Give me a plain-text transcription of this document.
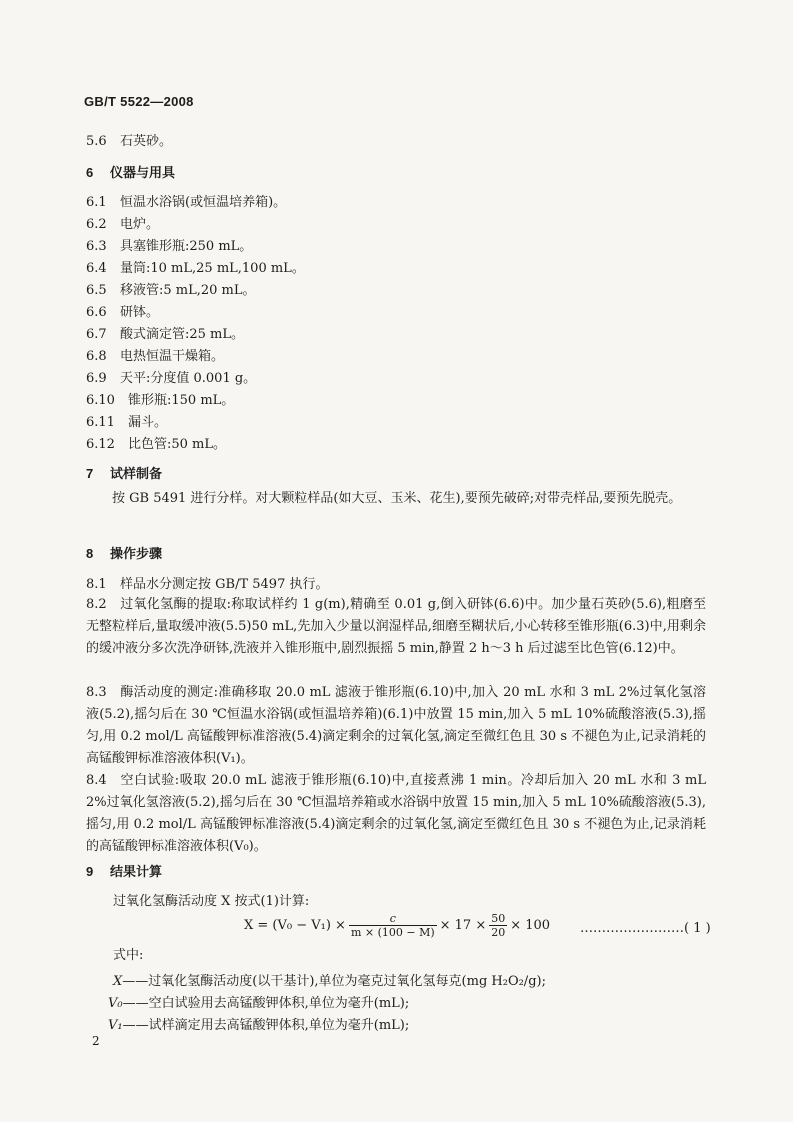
GB/T 5522—2008
5.6 石英砂。
6 仪器与用具
6.1 恒温水浴锅(或恒温培养箱)。
6.2 电炉。
6.3 具塞锥形瓶:250 mL。
6.4 量筒:10 mL,25 mL,100 mL。
6.5 移液管:5 mL,20 mL。
6.6 研钵。
6.7 酸式滴定管:25 mL。
6.8 电热恒温干燥箱。
6.9 天平:分度值 0.001 g。
6.10 锥形瓶:150 mL。
6.11 漏斗。
6.12 比色管:50 mL。
7 试样制备
按 GB 5491 进行分样。对大颗粒样品(如大豆、玉米、花生),要预先破碎;对带壳样品,要预先脱壳。
8 操作步骤
8.1 样品水分测定按 GB/T 5497 执行。
8.2 过氧化氢酶的提取:称取试样约 1 g(m),精确至 0.01 g,倒入研钵(6.6)中。加少量石英砂(5.6),粗磨至无整粒样后,量取缓冲液(5.5)50 mL,先加入少量以润湿样品,细磨至糊状后,小心转移至锥形瓶(6.3)中,用剩余的缓冲液分多次洗净研钵,洗液并入锥形瓶中,剧烈振摇 5 min,静置 2 h～3 h 后过滤至比色管(6.12)中。
8.3 酶活动度的测定:准确移取 20.0 mL 滤液于锥形瓶(6.10)中,加入 20 mL 水和 3 mL 2%过氧化氢溶液(5.2),摇匀后在 30 ℃恒温水浴锅(或恒温培养箱)(6.1)中放置 15 min,加入 5 mL 10%硫酸溶液(5.3),摇匀,用 0.2 mol/L 高锰酸钾标准溶液(5.4)滴定剩余的过氧化氢,滴定至微红色且 30 s 不褪色为止,记录消耗的高锰酸钾标准溶液体积(V₁)。
8.4 空白试验:吸取 20.0 mL 滤液于锥形瓶(6.10)中,直接煮沸 1 min。冷却后加入 20 mL 水和 3 mL 2%过氧化氢溶液(5.2),摇匀后在 30 ℃恒温培养箱或水浴锅中放置 15 min,加入 5 mL 10%硫酸溶液(5.3),摇匀,用 0.2 mol/L 高锰酸钾标准溶液(5.4)滴定剩余的过氧化氢,滴定至微红色且 30 s 不褪色为止,记录消耗的高锰酸钾标准溶液体积(V₀)。
9 结果计算
过氧化氢酶活动度 X 按式(1)计算:
$X = (V_0 - V_1) \times \frac{c}{m \times (100 - M)} \times 17 \times \frac{50}{20} \times 100$ ……………………( 1 )
式中:
X——过氧化氢酶活动度(以干基计),单位为毫克过氧化氢每克(mg H₂O₂/g);
V₀——空白试验用去高锰酸钾体积,单位为毫升(mL);
V₁——试样滴定用去高锰酸钾体积,单位为毫升(mL);
2
